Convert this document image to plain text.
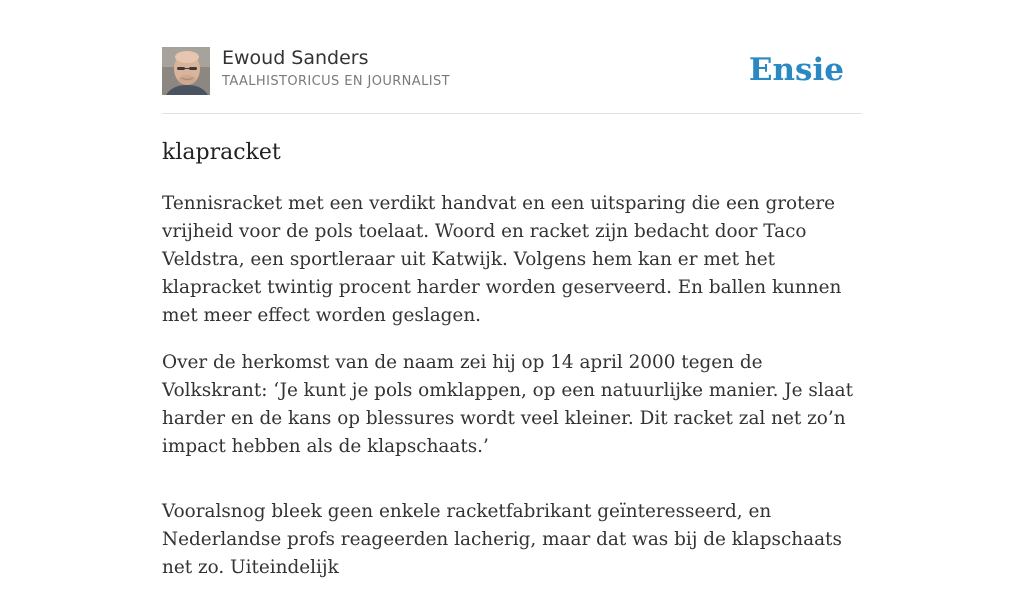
Ewoud Sanders
TAALHISTORICUS EN JOURNALIST	Ensie
klapracket

Tennisracket met een verdikt handvat en een uitsparing die een grotere vrijheid voor de pols toelaat. Woord en racket zijn bedacht door Taco Veldstra, een sportleraar uit Katwijk. Volgens hem kan er met het klapracket twintig procent harder worden geserveerd. En ballen kunnen met meer effect worden geslagen.

Over de herkomst van de naam zei hij op 14 april 2000 tegen de Volkskrant: ‘Je kunt je pols omklappen, op een natuurlijke manier. Je slaat harder en de kans op blessures wordt veel kleiner. Dit racket zal net zo’n impact hebben als de klapschaats.’

Vooralsnog bleek geen enkele racketfabrikant geïnteresseerd, en Nederlandse profs reageerden lacherig, maar dat was bij de klapschaats net zo. Uiteindelijk
